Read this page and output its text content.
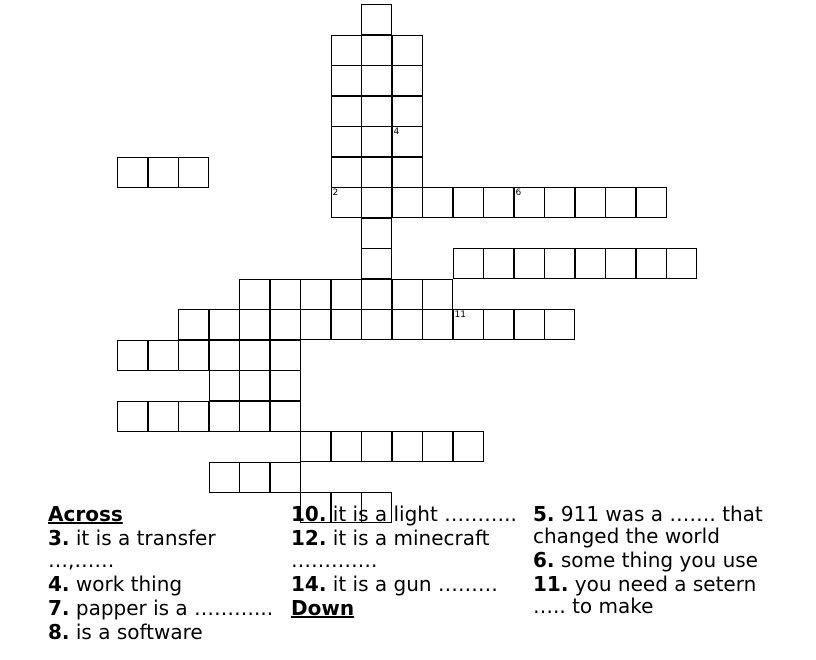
2
4
6
11
Across
3. it is a transfer …,……
4. work thing
7. papper is a ………...
8. is a software
10. it is a light ………..
12. it is a minecraft ………….
14. it is a gun ………
Down
5. 911 was a ……. that changed the world
6. some thing you use
11. you need a setern ….. to make
